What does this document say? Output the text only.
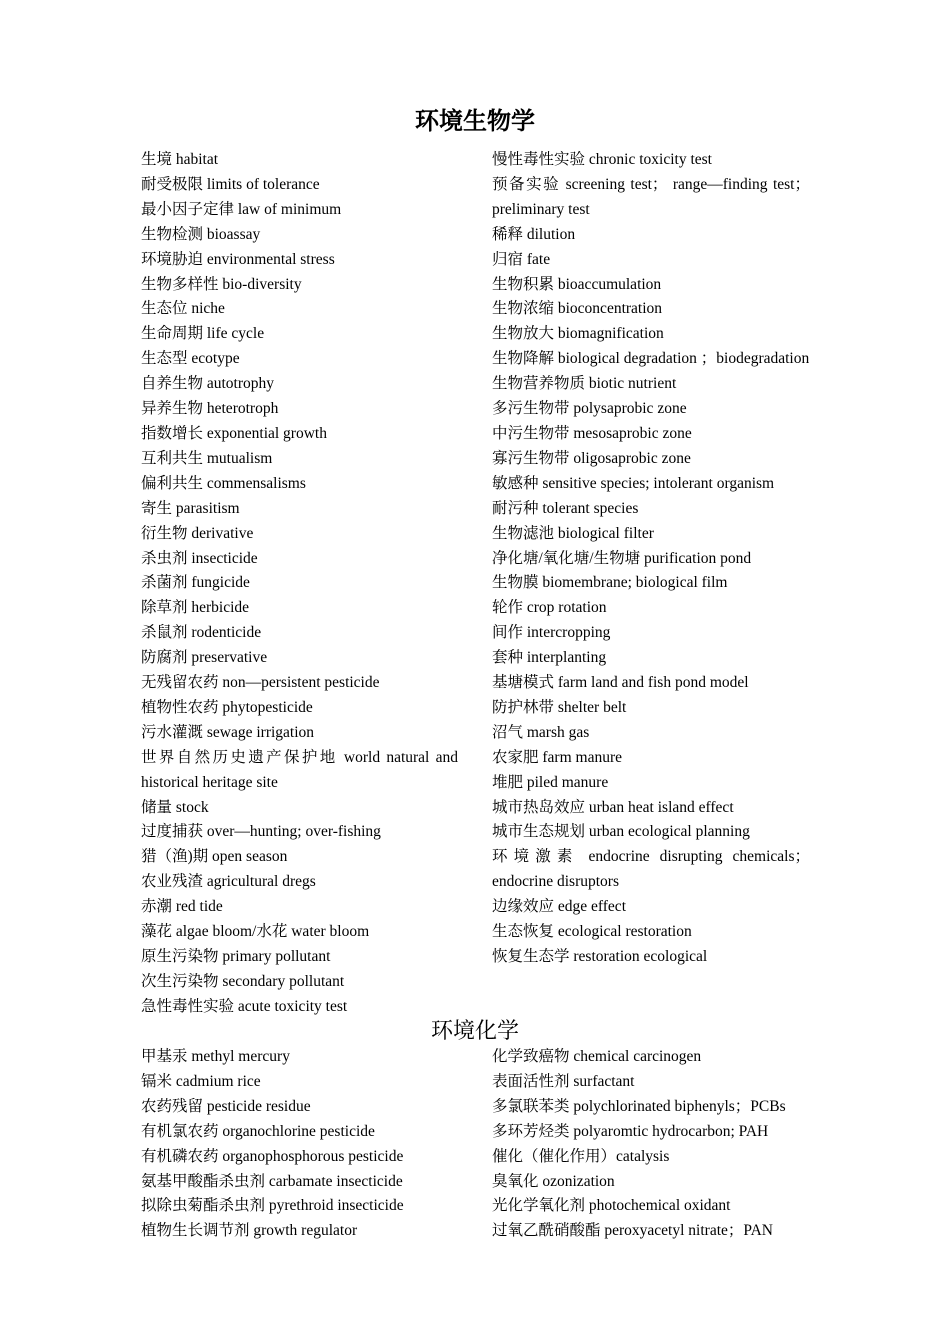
环境生物学
生境 habitat
耐受极限 limits of tolerance
最小因子定律 law of minimum
生物检测 bioassay
环境胁迫 environmental stress
生物多样性 bio-diversity
生态位 niche
生命周期 life cycle
生态型 ecotype
自养生物 autotrophy
异养生物 heterotroph
指数增长 exponential growth
互利共生 mutualism
偏利共生 commensalisms
寄生 parasitism
衍生物 derivative
杀虫剂 insecticide
杀菌剂 fungicide
除草剂 herbicide
杀鼠剂 rodenticide
防腐剂 preservative
无残留农药 non—persistent pesticide
植物性农药 phytopesticide
污水灌溉 sewage irrigation
世界自然历史遗产保护地 world natural and historical heritage site
储量 stock
过度捕获 over—hunting; over-fishing
猎（渔)期 open season
农业残渣 agricultural dregs
赤潮 red tide
藻花 algae bloom/水花 water bloom
原生污染物 primary pollutant
次生污染物 secondary pollutant
急性毒性实验 acute toxicity test
慢性毒性实验 chronic toxicity test
预备实验 screening test； range—finding test； preliminary test
稀释 dilution
归宿 fate
生物积累 bioaccumulation
生物浓缩 bioconcentration
生物放大 biomagnification
生物降解 biological degradation ；biodegradation
生物营养物质 biotic nutrient
多污生物带 polysaprobic zone
中污生物带 mesosaprobic zone
寡污生物带 oligosaprobic zone
敏感种 sensitive species; intolerant organism
耐污种 tolerant species
生物滤池 biological filter
净化塘/氧化塘/生物塘 purification pond
生物膜 biomembrane; biological film
轮作 crop rotation
间作 intercropping
套种 interplanting
基塘模式 farm land and fish pond model
防护林带 shelter belt
沼气 marsh gas
农家肥 farm manure
堆肥 piled manure
城市热岛效应 urban heat island effect
城市生态规划 urban ecological planning
环境激素 endocrine disrupting chemicals；endocrine disruptors
边缘效应 edge effect
生态恢复 ecological restoration
恢复生态学 restoration ecological
环境化学
甲基汞 methyl mercury
镉米 cadmium rice
农药残留 pesticide residue
有机氯农药 organochlorine pesticide
有机磷农药 organophosphorous pesticide
氨基甲酸酯杀虫剂 carbamate insecticide
拟除虫菊酯杀虫剂 pyrethroid insecticide
植物生长调节剂 growth regulator
化学致癌物 chemical carcinogen
表面活性剂 surfactant
多氯联苯类 polychlorinated biphenyls；PCBs
多环芳烃类 polyaromtic hydrocarbon; PAH
催化（催化作用）catalysis
臭氧化 ozonization
光化学氧化剂 photochemical oxidant
过氧乙酰硝酸酯 peroxyacetyl nitrate；PAN
